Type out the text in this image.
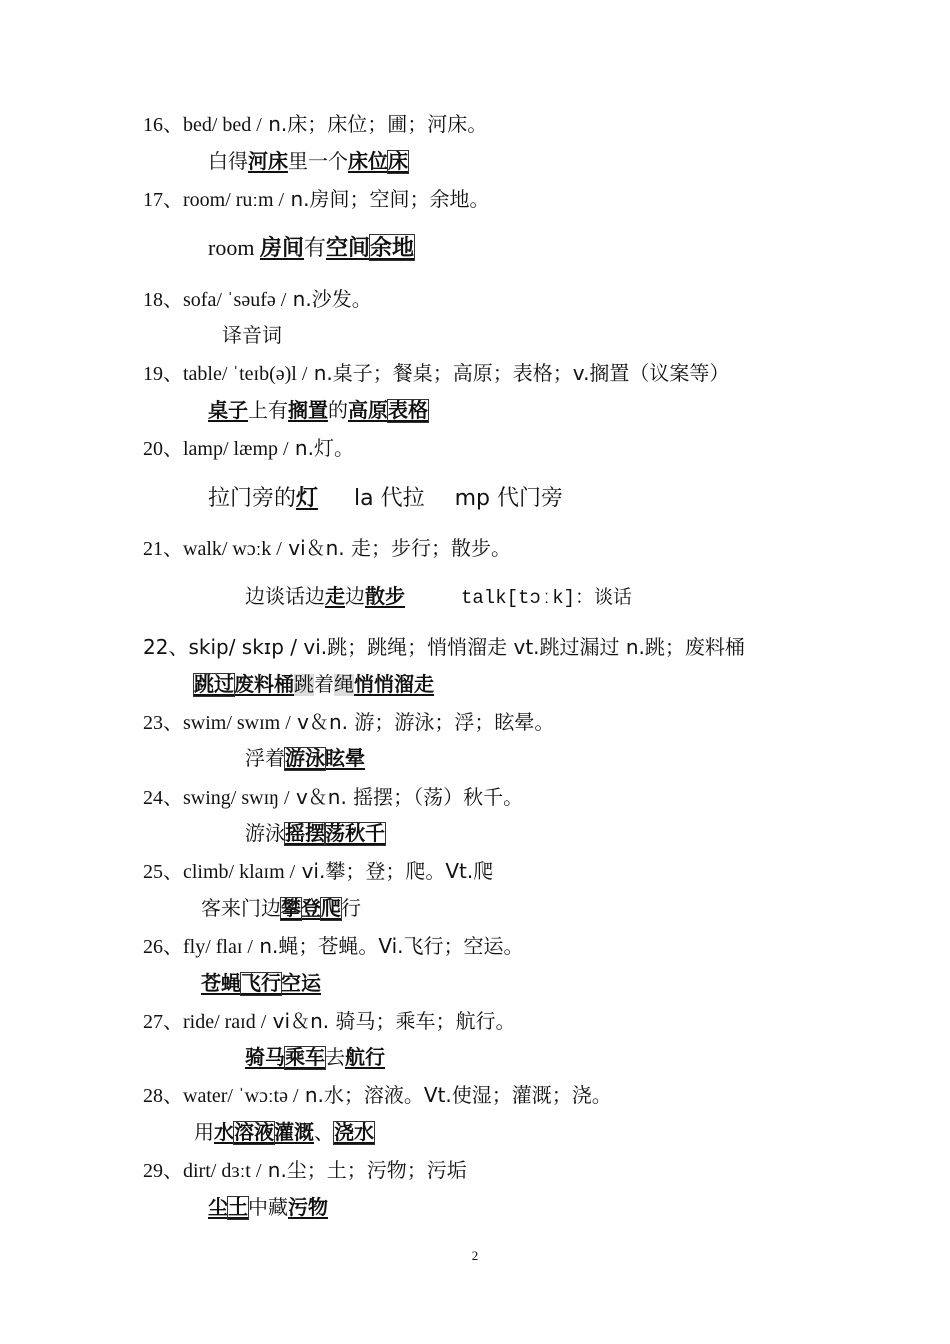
16、bed/ bed / n.床；床位；圃；河床。
白得河床里一个床位床
17、room/ ruːm / n.房间；空间；余地。
room 房间有空间余地
18、sofa/ ˈsəufə / n.沙发。
译音词
19、table/ ˈteɪb(ə)l / n.桌子；餐桌；高原；表格；v.搁置（议案等）
桌子上有搁置的高原表格
20、lamp/ læmp / n.灯。
拉门旁的灯 la 代拉 mp 代门旁
21、walk/ wɔːk / vi＆n. 走；步行；散步。
边谈话边走边散步	talk[tɔːk]：谈话
22、skip/ skɪp / vi.跳；跳绳；悄悄溜走 vt.跳过漏过 n.跳；废料桶
跳过废料桶跳着绳悄悄溜走
23、swim/ swɪm / v＆n. 游；游泳；浮；眩晕。
浮着游泳眩晕
24、swing/ swɪŋ / v＆n. 摇摆；（荡）秋千。
游泳摇摆荡秋千
25、climb/ klaɪm / vi.攀；登；爬。Vt.爬
客来门边攀登爬行
26、fly/ flaɪ / n.蝇；苍蝇。Vi.飞行；空运。
苍蝇飞行空运
27、ride/ raɪd / vi＆n. 骑马；乘车；航行。
骑马乘车去航行
28、water/ ˈwɔːtə / n.水；溶液。Vt.使湿；灌溉；浇。
用水溶液灌溉、浇水
29、dirt/ dɜːt / n.尘；土；污物；污垢
尘土中藏污物
2
